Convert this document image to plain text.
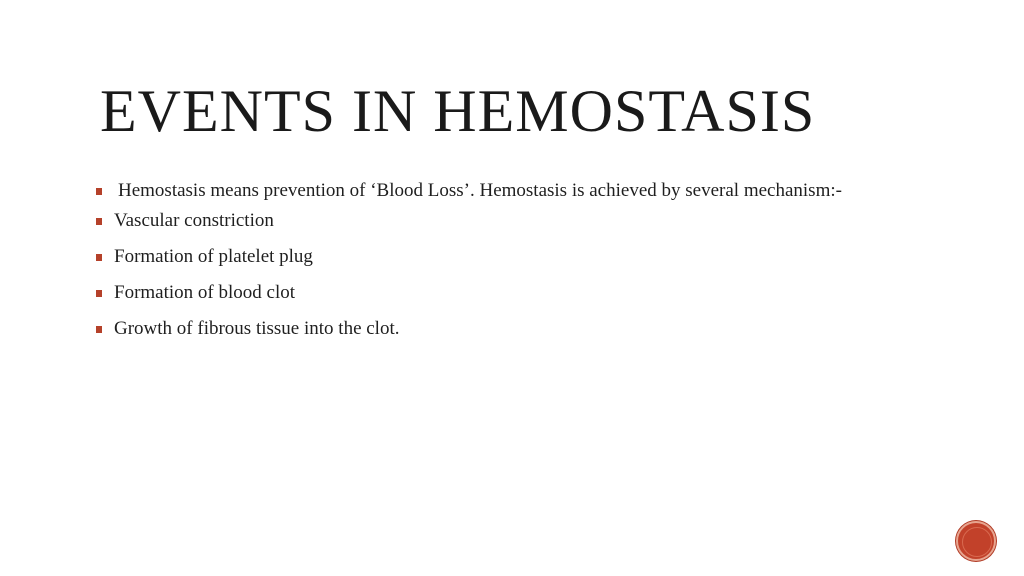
EVENTS IN HEMOSTASIS
Hemostasis means prevention of ‘Blood Loss’. Hemostasis is achieved by several mechanism:-
Vascular constriction
Formation of platelet plug
Formation of blood clot
Growth of fibrous tissue into the clot.
